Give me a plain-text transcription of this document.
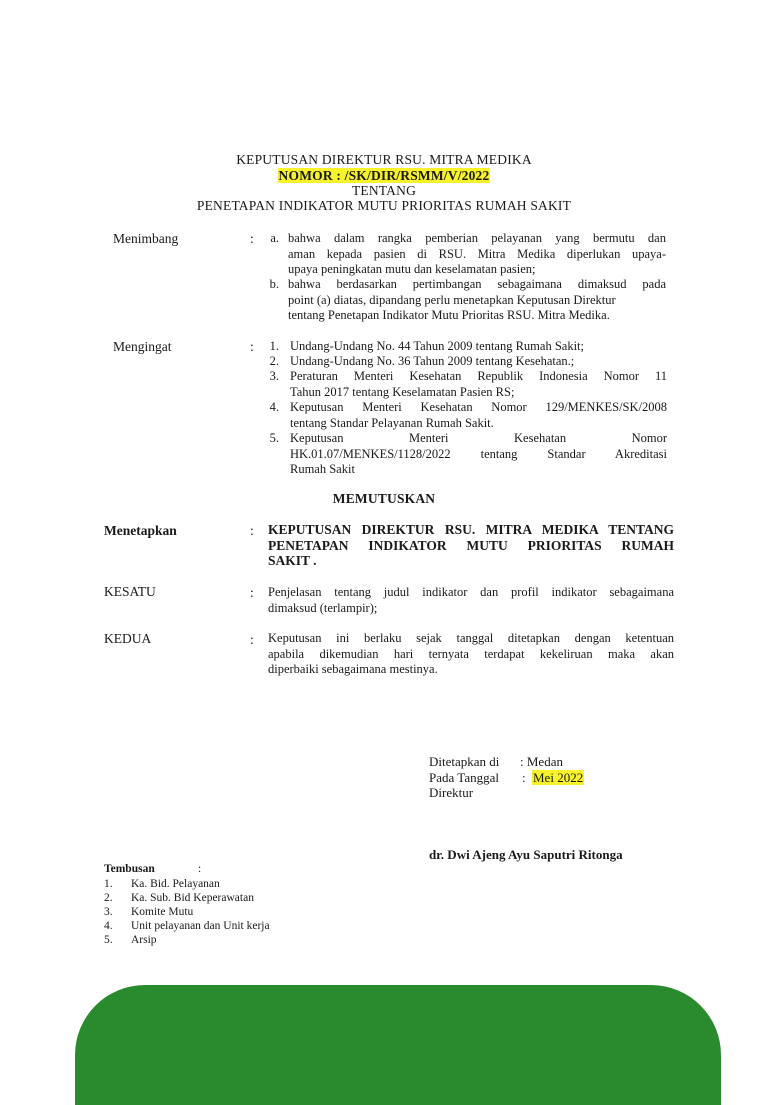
KEPUTUSAN DIREKTUR RSU. MITRA MEDIKA
NOMOR : /SK/DIR/RSMM/V/2022
TENTANG
PENETAPAN INDIKATOR MUTU PRIORITAS RUMAH SAKIT
Menimbang	:	a. bahwa dalam rangka pemberian pelayanan yang bermutu dan
aman kepada pasien di RSU. Mitra Medika diperlukan upaya-
upaya peningkatan mutu dan keselamatan pasien;
b. bahwa berdasarkan pertimbangan sebagaimana dimaksud pada
point (a) diatas, dipandang perlu menetapkan Keputusan Direktur
tentang Penetapan Indikator Mutu Prioritas RSU. Mitra Medika.
Mengingat	:	1. Undang-Undang No. 44 Tahun 2009 tentang Rumah Sakit;
2. Undang-Undang No. 36 Tahun 2009 tentang Kesehatan.;
3. Peraturan Menteri Kesehatan Republik Indonesia Nomor 11
Tahun 2017 tentang Keselamatan Pasien RS;
4. Keputusan Menteri Kesehatan Nomor 129/MENKES/SK/2008
tentang Standar Pelayanan Rumah Sakit.
5. Keputusan Menteri Kesehatan Nomor
HK.01.07/MENKES/1128/2022 tentang Standar Akreditasi
Rumah Sakit
MEMUTUSKAN
Menetapkan	: KEPUTUSAN DIREKTUR RSU. MITRA MEDIKA TENTANG
PENETAPAN INDIKATOR MUTU PRIORITAS RUMAH
SAKIT .
KESATU	: Penjelasan tentang judul indikator dan profil indikator sebagaimana
dimaksud (terlampir);
KEDUA	: Keputusan ini berlaku sejak tanggal ditetapkan dengan ketentuan
apabila dikemudian hari ternyata terdapat kekeliruan maka akan
diperbaiki sebagaimana mestinya.
Ditetapkan di : Medan
Pada Tanggal : Mei 2022
Direktur
dr. Dwi Ajeng Ayu Saputri Ritonga
Tembusan	:
1. Ka. Bid. Pelayanan
2. Ka. Sub. Bid Keperawatan
3. Komite Mutu
4. Unit pelayanan dan Unit kerja
5. Arsip
